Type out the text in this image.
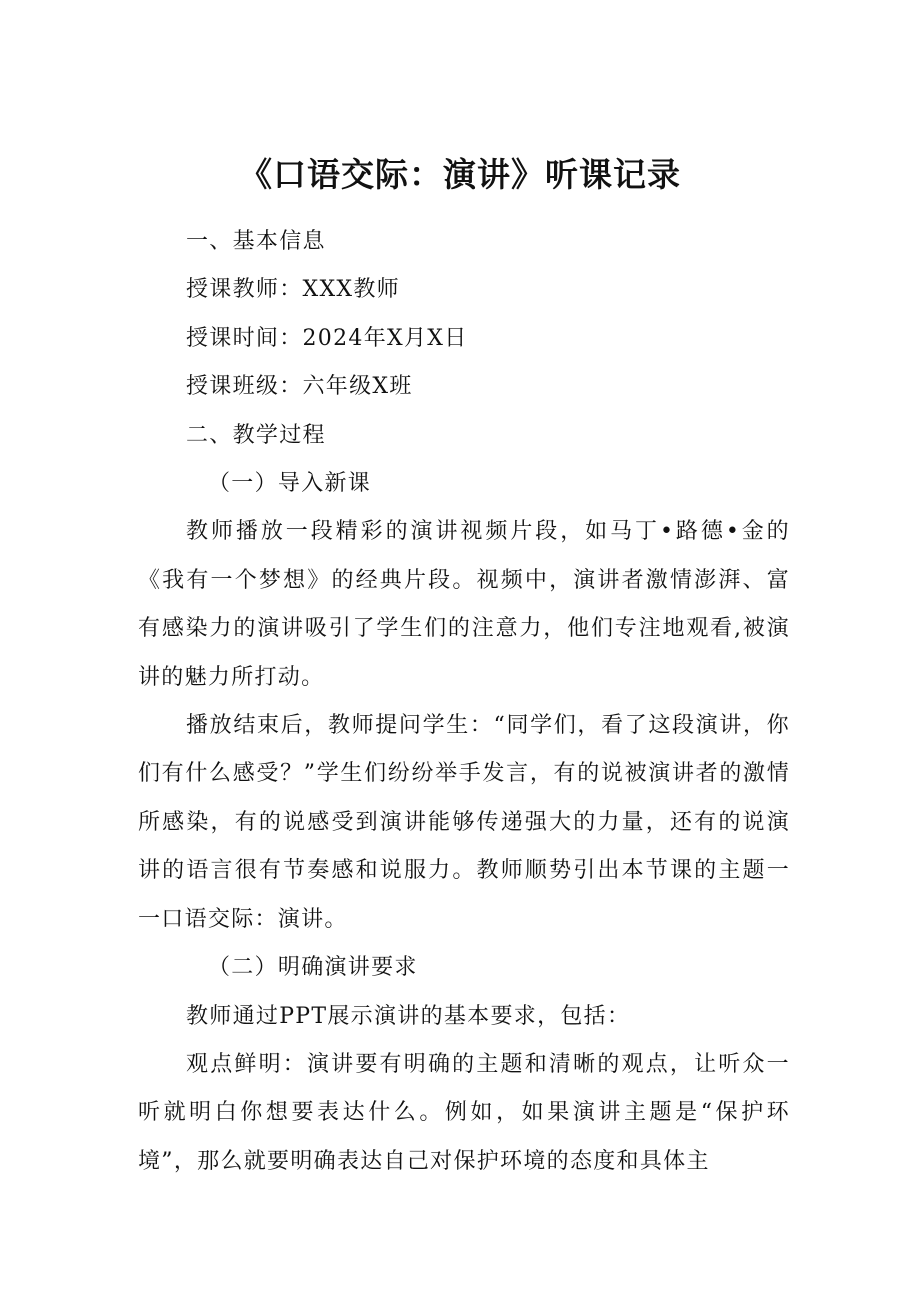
《口语交际：演讲》听课记录

一、基本信息

授课教师：XXX教师

授课时间：2024年X月X日

授课班级：六年级X班

二、教学过程

（一）导入新课

教师播放一段精彩的演讲视频片段，如马丁•路德•金的《我有一个梦想》的经典片段。视频中，演讲者激情澎湃、富有感染力的演讲吸引了学生们的注意力，他们专注地观看,被演讲的魅力所打动。

播放结束后，教师提问学生：“同学们，看了这段演讲，你们有什么感受？”学生们纷纷举手发言，有的说被演讲者的激情所感染，有的说感受到演讲能够传递强大的力量，还有的说演讲的语言很有节奏感和说服力。教师顺势引出本节课的主题一一口语交际：演讲。

（二）明确演讲要求

教师通过PPT展示演讲的基本要求，包括：

观点鲜明：演讲要有明确的主题和清晰的观点，让听众一听就明白你想要表达什么。例如，如果演讲主题是“保护环境”，那么就要明确表达自己对保护环境的态度和具体主
